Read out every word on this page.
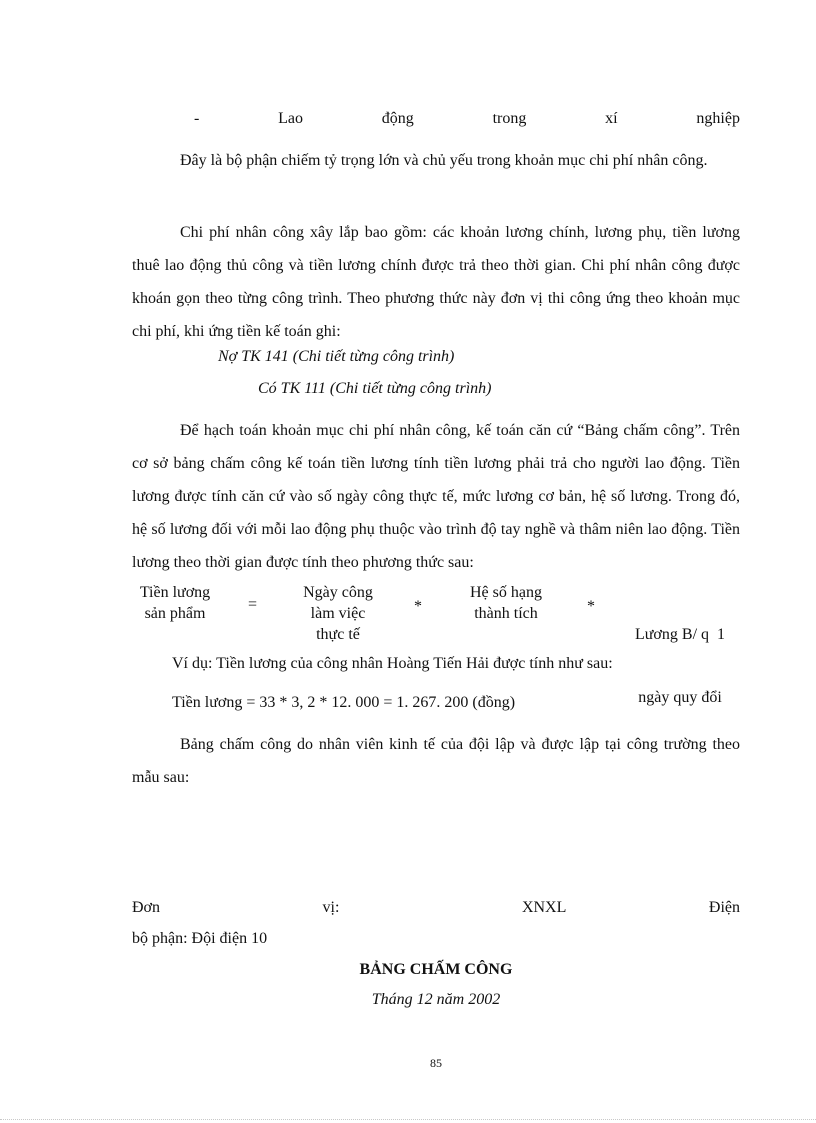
-	Lao	động	trong	xí	nghiệp

Đây là bộ phận chiếm tỷ trọng lớn và chủ yếu trong khoản mục chi phí nhân công.

Chi phí nhân công xây lắp bao gồm: các khoản lương chính, lương phụ, tiền lương thuê lao động thủ công và tiền lương chính được trả theo thời gian. Chi phí nhân công được khoán gọn theo từng công trình. Theo phương thức này đơn vị thi công ứng theo khoản mục chi phí, khi ứng tiền kế toán ghi:

Nợ TK 141 (Chi tiết từng công trình)
Có TK 111 (Chi tiết từng công trình)

Để hạch toán khoản mục chi phí nhân công, kế toán căn cứ “Bảng chấm công”. Trên cơ sở bảng chấm công kế toán tiền lương tính tiền lương phải trả cho người lao động. Tiền lương được tính căn cứ vào số ngày công thực tế, mức lương cơ bản, hệ số lương. Trong đó, hệ số lương đối với mỗi lao động phụ thuộc vào trình độ tay nghề và thâm niên lao động. Tiền lương theo thời gian được tính theo phương thức sau:

Tiền lương
sản phẩm
=
Ngày công
làm việc
thực tế
*
Hệ số hạng
thành tích	*

Lương B/ q  1

ngày quy đổi

Ví dụ: Tiền lương của công nhân Hoàng Tiến Hải được tính như sau:
Tiền lương = 33 * 3, 2 * 12. 000 = 1. 267. 200 (đồng)

Bảng chấm công do nhân viên kinh tế của đội lập và được lập tại công trường theo mẫu sau:

Đơn	vị:	XNXL	Điện
bộ phận: Đội điện 10
BẢNG CHẤM CÔNG
Tháng 12 năm 2002
85
